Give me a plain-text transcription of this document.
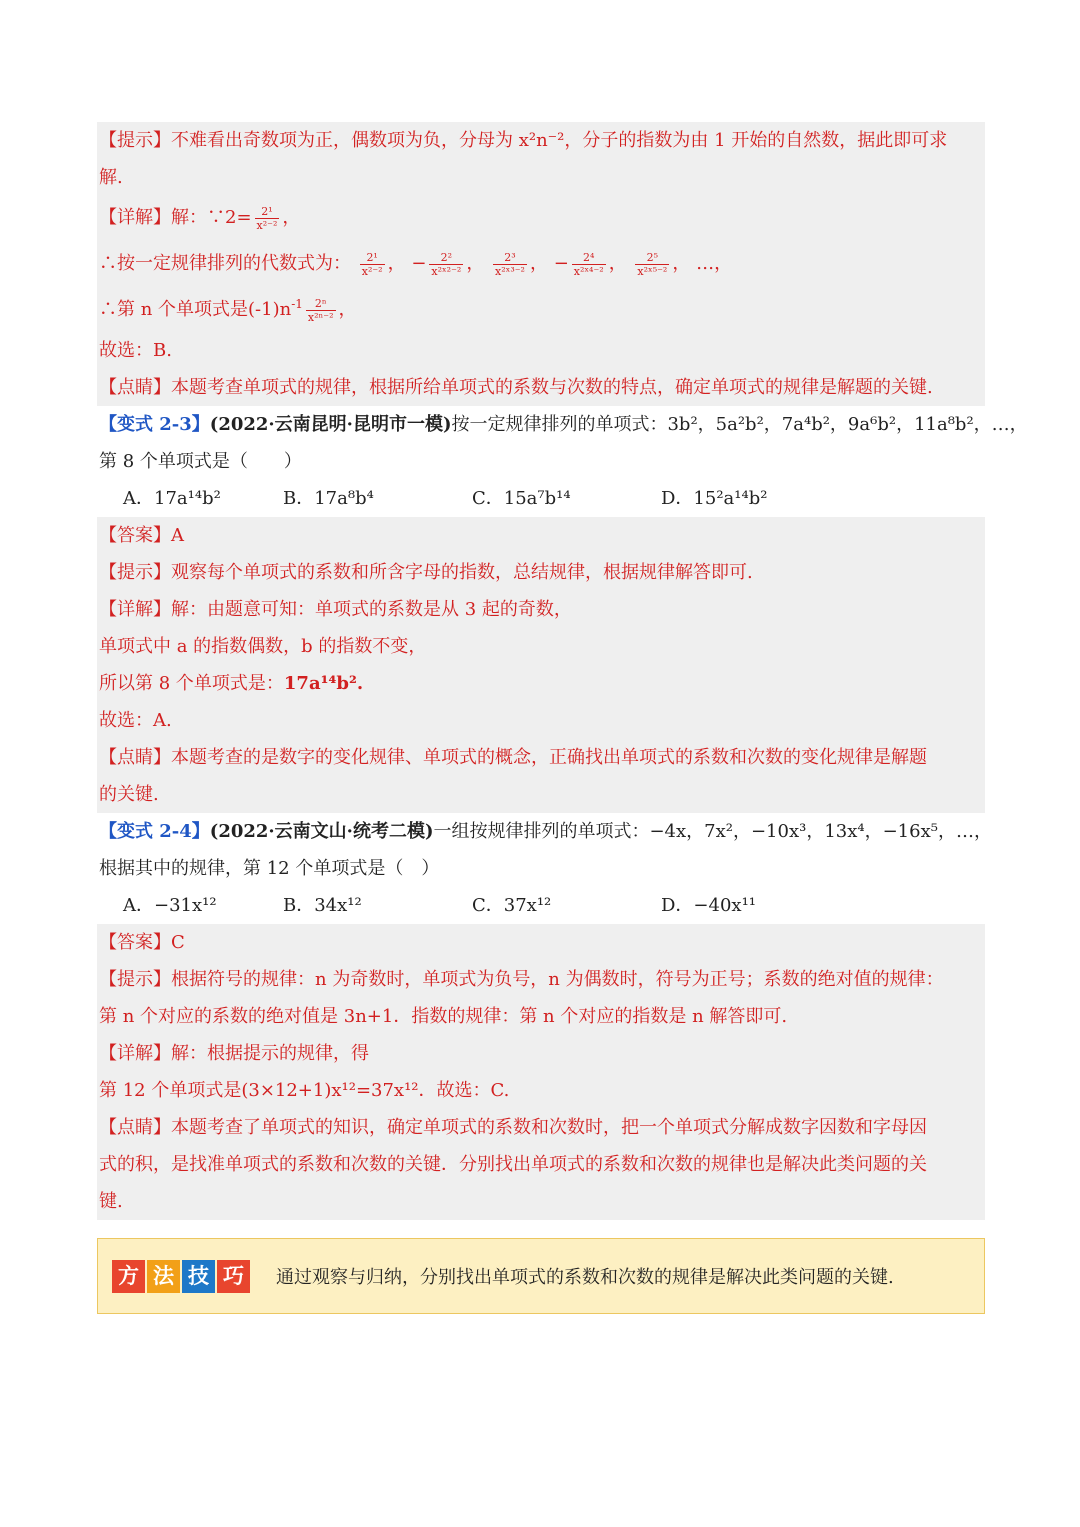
【提示】不难看出奇数项为正，偶数项为负，分母为 x²n⁻²，分子的指数为由 1 开始的自然数，据此即可求
解.
【详解】解：∵2= $\frac{\text{2¹}}{\text{x²⁻²}}$ ，
∴按一定规律排列的代数式为： $\frac{\text{2¹}}{\text{x²⁻²}}$ ， − $\frac{\text{2²}}{\text{x²ˣ²⁻²}}$ ， $\frac{\text{2³}}{\text{x²ˣ³⁻²}}$ ， − $\frac{\text{2⁴}}{\text{x²ˣ⁴⁻²}}$ ， $\frac{\text{2⁵}}{\text{x²ˣ⁵⁻²}}$ ， …，
∴第 n 个单项式是$(-1)n^{-1} \frac{\text{2ⁿ}}{\text{x²ⁿ⁻²}}$ ，
故选：B.
【点睛】本题考查单项式的规律，根据所给单项式的系数与次数的特点，确定单项式的规律是解题的关键.
【变式 2-3】(2022·云南昆明·昆明市一模)按一定规律排列的单项式：3b²，5a²b²，7a⁴b²，9a⁶b²，11a⁸b²，…，
第 8 个单项式是（　　）
A．17a¹⁴b²	B．17a⁸b⁴	C．15a⁷b¹⁴	D．15²a¹⁴b²
【答案】A
【提示】观察每个单项式的系数和所含字母的指数，总结规律，根据规律解答即可.
【详解】解：由题意可知：单项式的系数是从 3 起的奇数，
单项式中 a 的指数偶数，b 的指数不变，
所以第 8 个单项式是：17a¹⁴b².
故选：A.
【点睛】本题考查的是数字的变化规律、单项式的概念，正确找出单项式的系数和次数的变化规律是解题
的关键.
【变式 2-4】(2022·云南文山·统考二模)一组按规律排列的单项式：−4x，7x²，−10x³，13x⁴，−16x⁵，…，
根据其中的规律，第 12 个单项式是（　）
A．−31x¹²	B．34x¹²	C．37x¹²	D．−40x¹¹
【答案】C
【提示】根据符号的规律：n 为奇数时，单项式为负号，n 为偶数时，符号为正号；系数的绝对值的规律：
第 n 个对应的系数的绝对值是 3n+1．指数的规律：第 n 个对应的指数是 n 解答即可.
【详解】解：根据提示的规律，得
第 12 个单项式是(3×12+1)x¹²=37x¹²．故选：C.
【点睛】本题考查了单项式的知识，确定单项式的系数和次数时，把一个单项式分解成数字因数和字母因
式的积，是找准单项式的系数和次数的关键．分别找出单项式的系数和次数的规律也是解决此类问题的关
键.
方 法 技 巧	通过观察与归纳，分别找出单项式的系数和次数的规律是解决此类问题的关键.
